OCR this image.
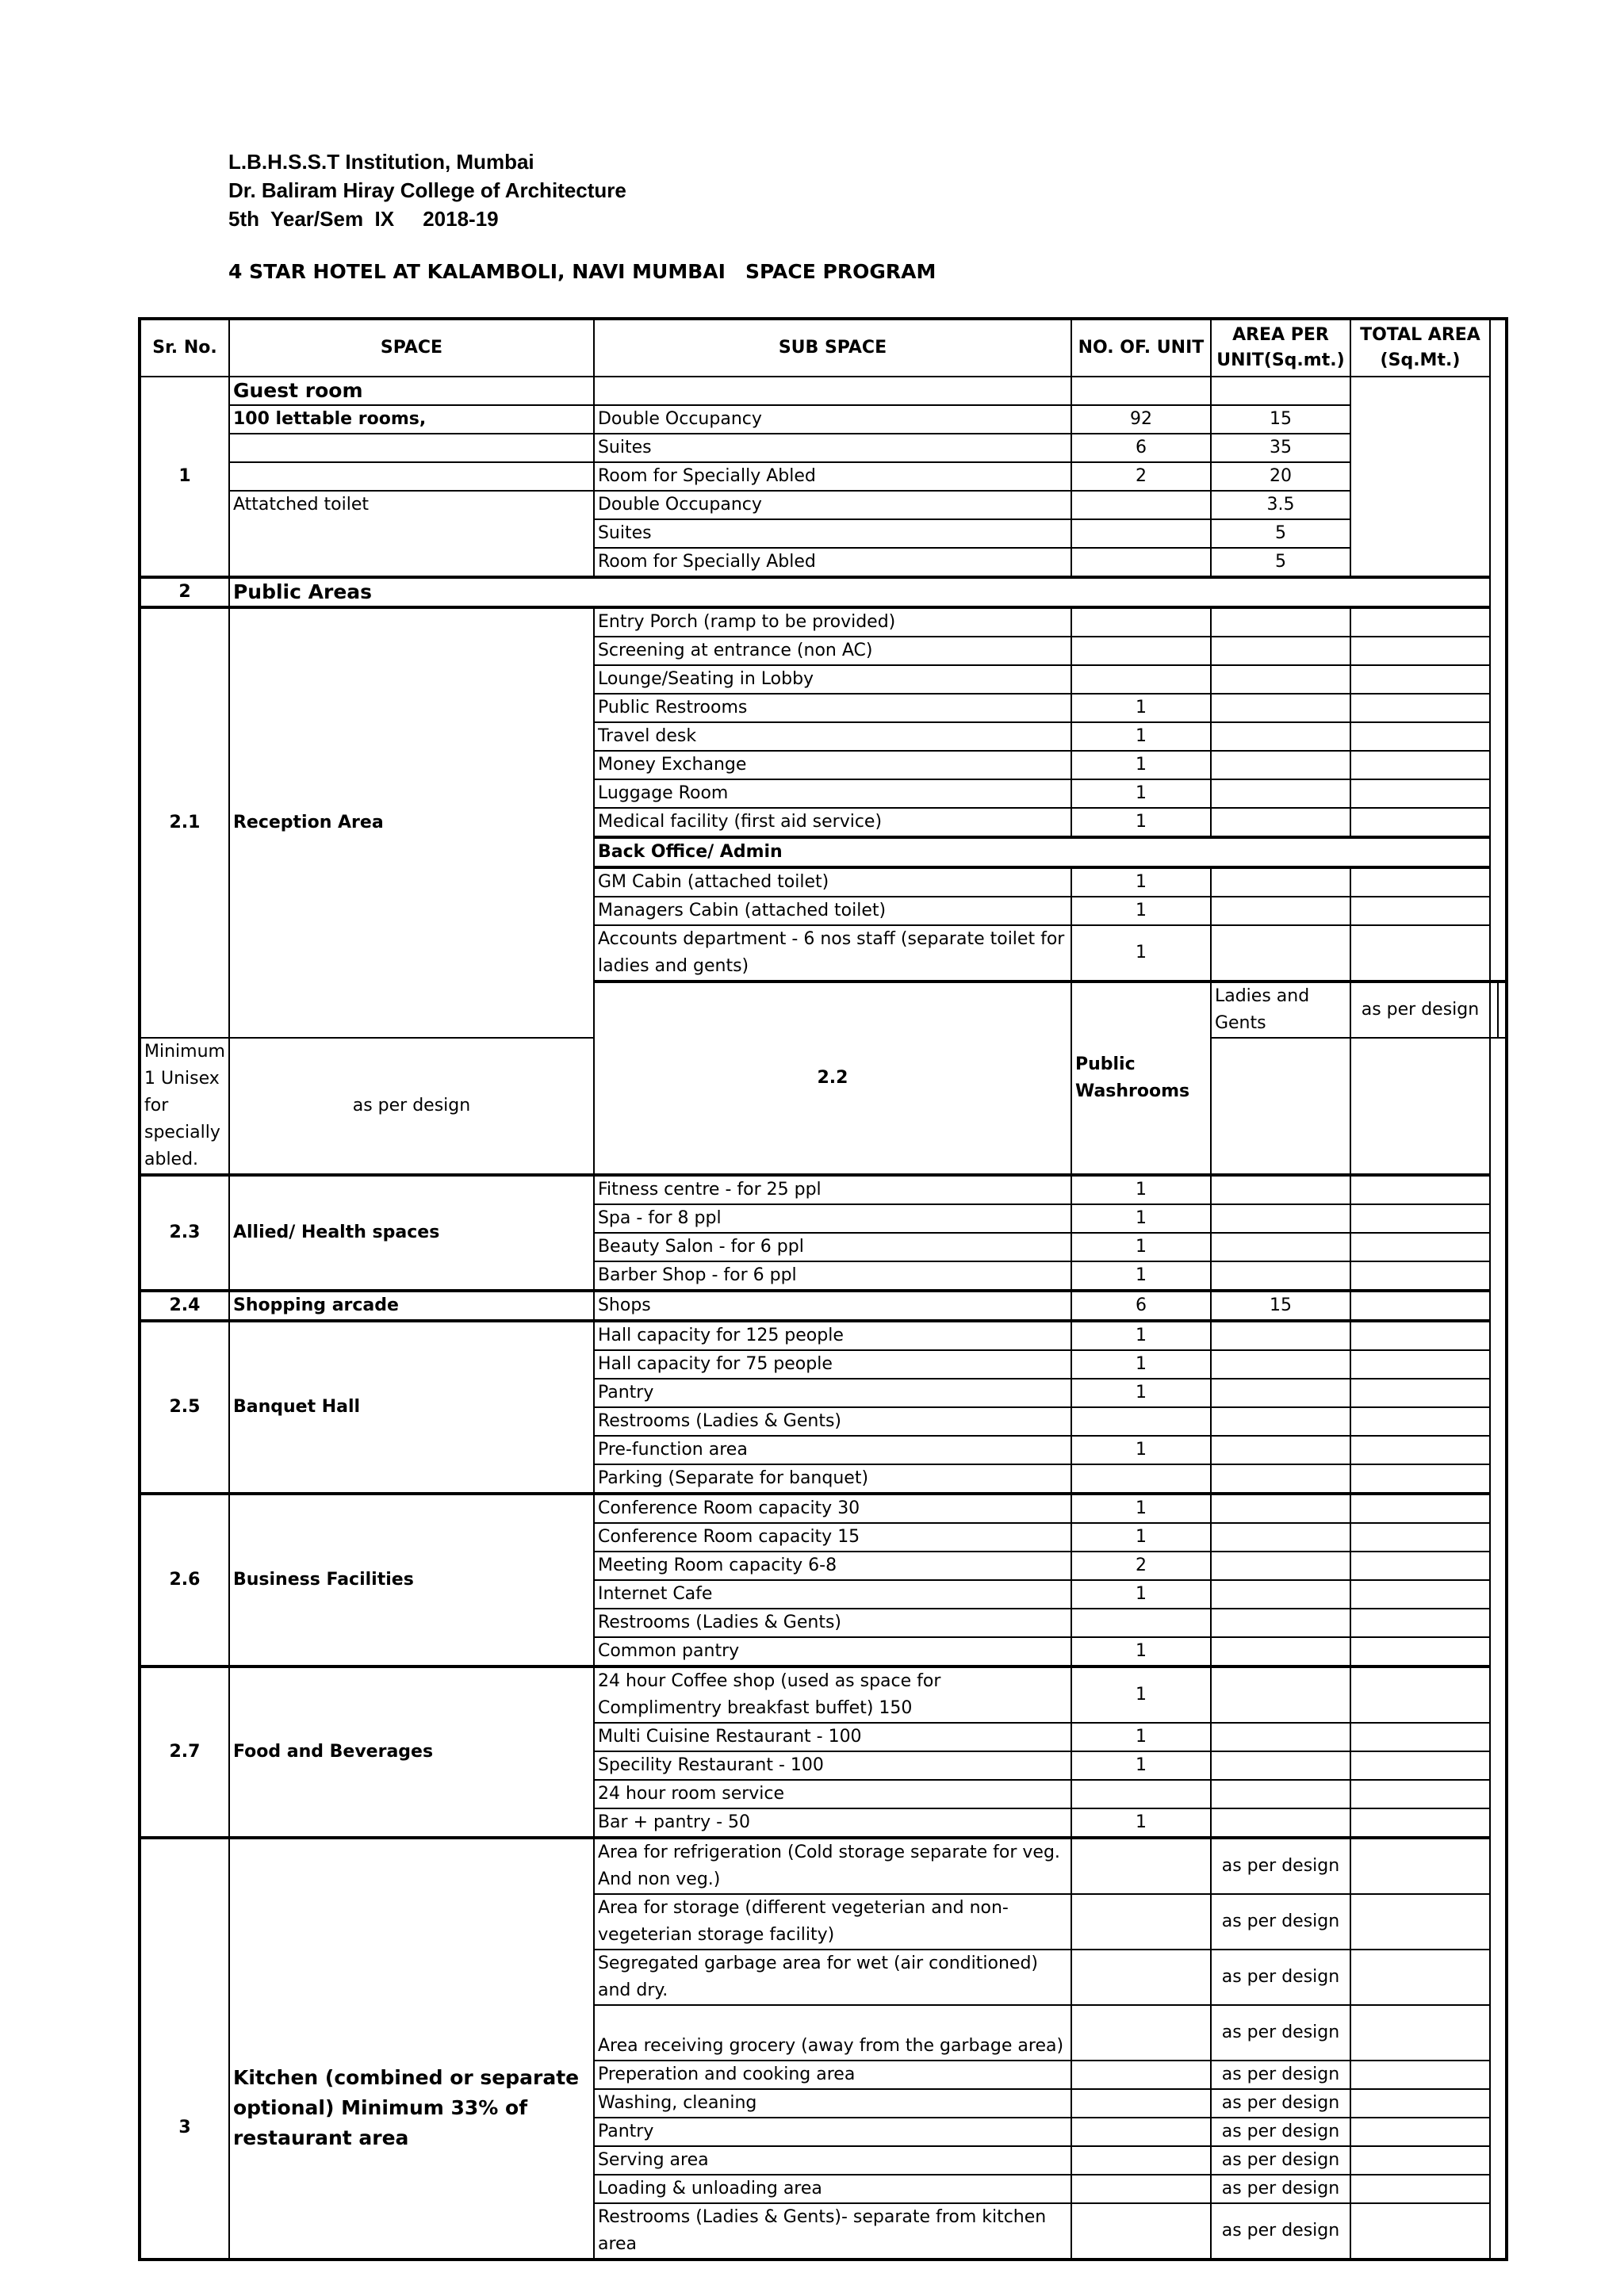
L.B.H.S.S.T Institution, Mumbai
Dr. Baliram Hiray College of Architecture
5th  Year/Sem  IX     2018-19
4 STAR HOTEL AT KALAMBOLI, NAVI MUMBAI SPACE PROGRAM
Sr. No.	SPACE	SUB SPACE	NO. OF. UNIT	AREA PER UNIT(Sq.mt.)	TOTAL AREA (Sq.Mt.)		
1	Guest room						
	100 lettable rooms,	Double Occupancy	92	15			
		Suites	6	35			
		Room for Specially Abled	2	20			
	Attatched toilet	Double Occupancy		3.5			
		Suites		5			
		Room for Specially Abled		5			
2	Public Areas						
2.1	Reception Area	Entry Porch (ramp to be provided)					
		Screening at entrance (non AC)					
		Lounge/Seating in Lobby					
		Public Restrooms	1				
		Travel desk	1				
		Money Exchange	1				
		Luggage Room	1				
		Medical facility (first aid service)	1				
		Back Office/ Admin					
		GM Cabin (attached toilet)	1				
		Managers Cabin (attached toilet)	1				
		Accounts department - 6 nos staff (separate toilet for ladies and gents)	1				
		2.2	Public Washrooms	Ladies and Gents	as per design		
Minimum 1 Unisex for specially abled.	as per design						
2.3	Allied/ Health spaces	Fitness centre - for 25 ppl	1				
		Spa - for 8 ppl	1				
		Beauty Salon - for 6 ppl	1				
		Barber Shop - for 6 ppl	1				
2.4	Shopping arcade	Shops	6	15			
2.5	Banquet Hall	Hall capacity for 125 people	1				
		Hall capacity for 75 people	1				
		Pantry	1				
		Restrooms (Ladies & Gents)					
		Pre-function area	1				
		Parking (Separate for banquet)					
2.6	Business Facilities	Conference Room capacity 30	1				
		Conference Room capacity 15	1				
		Meeting Room capacity 6-8	2				
		Internet Cafe	1				
		Restrooms (Ladies & Gents)					
		Common pantry	1				
2.7	Food and Beverages	24 hour Coffee shop (used as space for Complimentry breakfast buffet) 150	1				
		Multi Cuisine Restaurant - 100	1				
		Specility Restaurant - 100	1				
		24 hour room service					
		Bar + pantry - 50	1				
3	Kitchen (combined or separate optional) Minimum 33% of restaurant area	Area for refrigeration (Cold storage separate for veg. And non veg.)		as per design			
		Area for storage (different vegeterian and non-vegeterian storage facility)		as per design			
		Segregated garbage area for wet (air conditioned) and dry.		as per design			
		Area receiving grocery (away from the garbage area)		as per design			
		Preperation and cooking area		as per design			
		Washing, cleaning		as per design			
		Pantry		as per design			
		Serving area		as per design			
		Loading & unloading area		as per design			
		Restrooms (Ladies & Gents)- separate from kitchen area		as per design			
